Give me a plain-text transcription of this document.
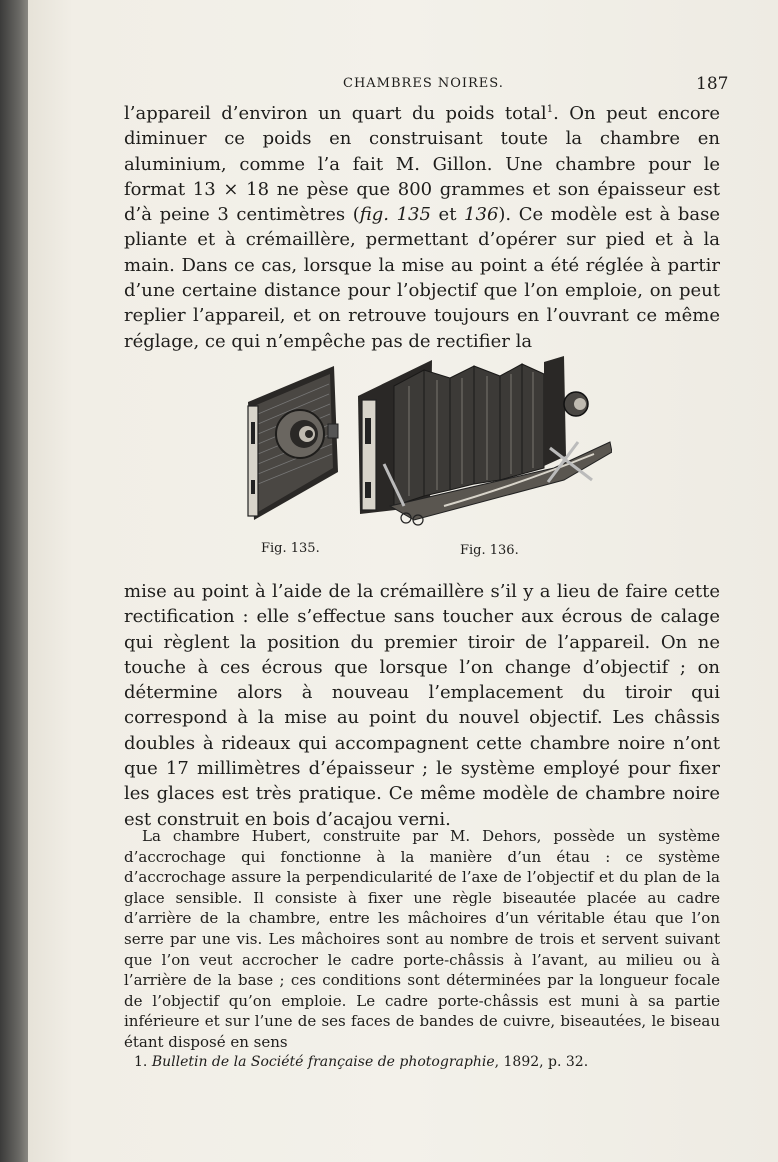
CHAMBRES NOIRES.	187

l’appareil d’environ un quart du poids total$^1$. On peut encore diminuer ce poids en construisant toute la chambre en aluminium, comme l’a fait M. Gillon. Une chambre pour le format 13 × 18 ne pèse que 800 grammes et son épaisseur est d’à peine 3 centimètres (fig. 135 et 136). Ce modèle est à base pliante et à crémaillère, permettant d’opérer sur pied et à la main. Dans ce cas, lorsque la mise au point a été réglée à partir d’une certaine distance pour l’objectif que l’on emploie, on peut replier l’appareil, et on retrouve toujours en l’ouvrant ce même réglage, ce qui n’empêche pas de rectifier la

Fig. 135.	Fig. 136.

mise au point à l’aide de la crémaillère s’il y a lieu de faire cette rectification : elle s’effectue sans toucher aux écrous de calage qui règlent la position du premier tiroir de l’appareil. On ne touche à ces écrous que lorsque l’on change d’objectif ; on détermine alors à nouveau l’emplacement du tiroir qui correspond à la mise au point du nouvel objectif. Les châssis doubles à rideaux qui accompagnent cette chambre noire n’ont que 17 millimètres d’épaisseur ; le système employé pour fixer les glaces est très pratique. Ce même modèle de chambre noire est construit en bois d’acajou verni.

La chambre Hubert, construite par M. Dehors, possède un système d’accrochage qui fonctionne à la manière d’un étau : ce système d’accrochage assure la perpendicularité de l’axe de l’objectif et du plan de la glace sensible. Il consiste à fixer une règle biseautée placée au cadre d’arrière de la chambre, entre les mâchoires d’un véritable étau que l’on serre par une vis. Les mâchoires sont au nombre de trois et servent suivant que l’on veut accrocher le cadre porte-châssis à l’avant, au milieu ou à l’arrière de la base ; ces conditions sont déterminées par la longueur focale de l’objectif qu’on emploie. Le cadre porte-châssis est muni à sa partie inférieure et sur l’une de ses faces de bandes de cuivre, biseautées, le biseau étant disposé en sens

1. Bulletin de la Société française de photographie, 1892, p. 32.
